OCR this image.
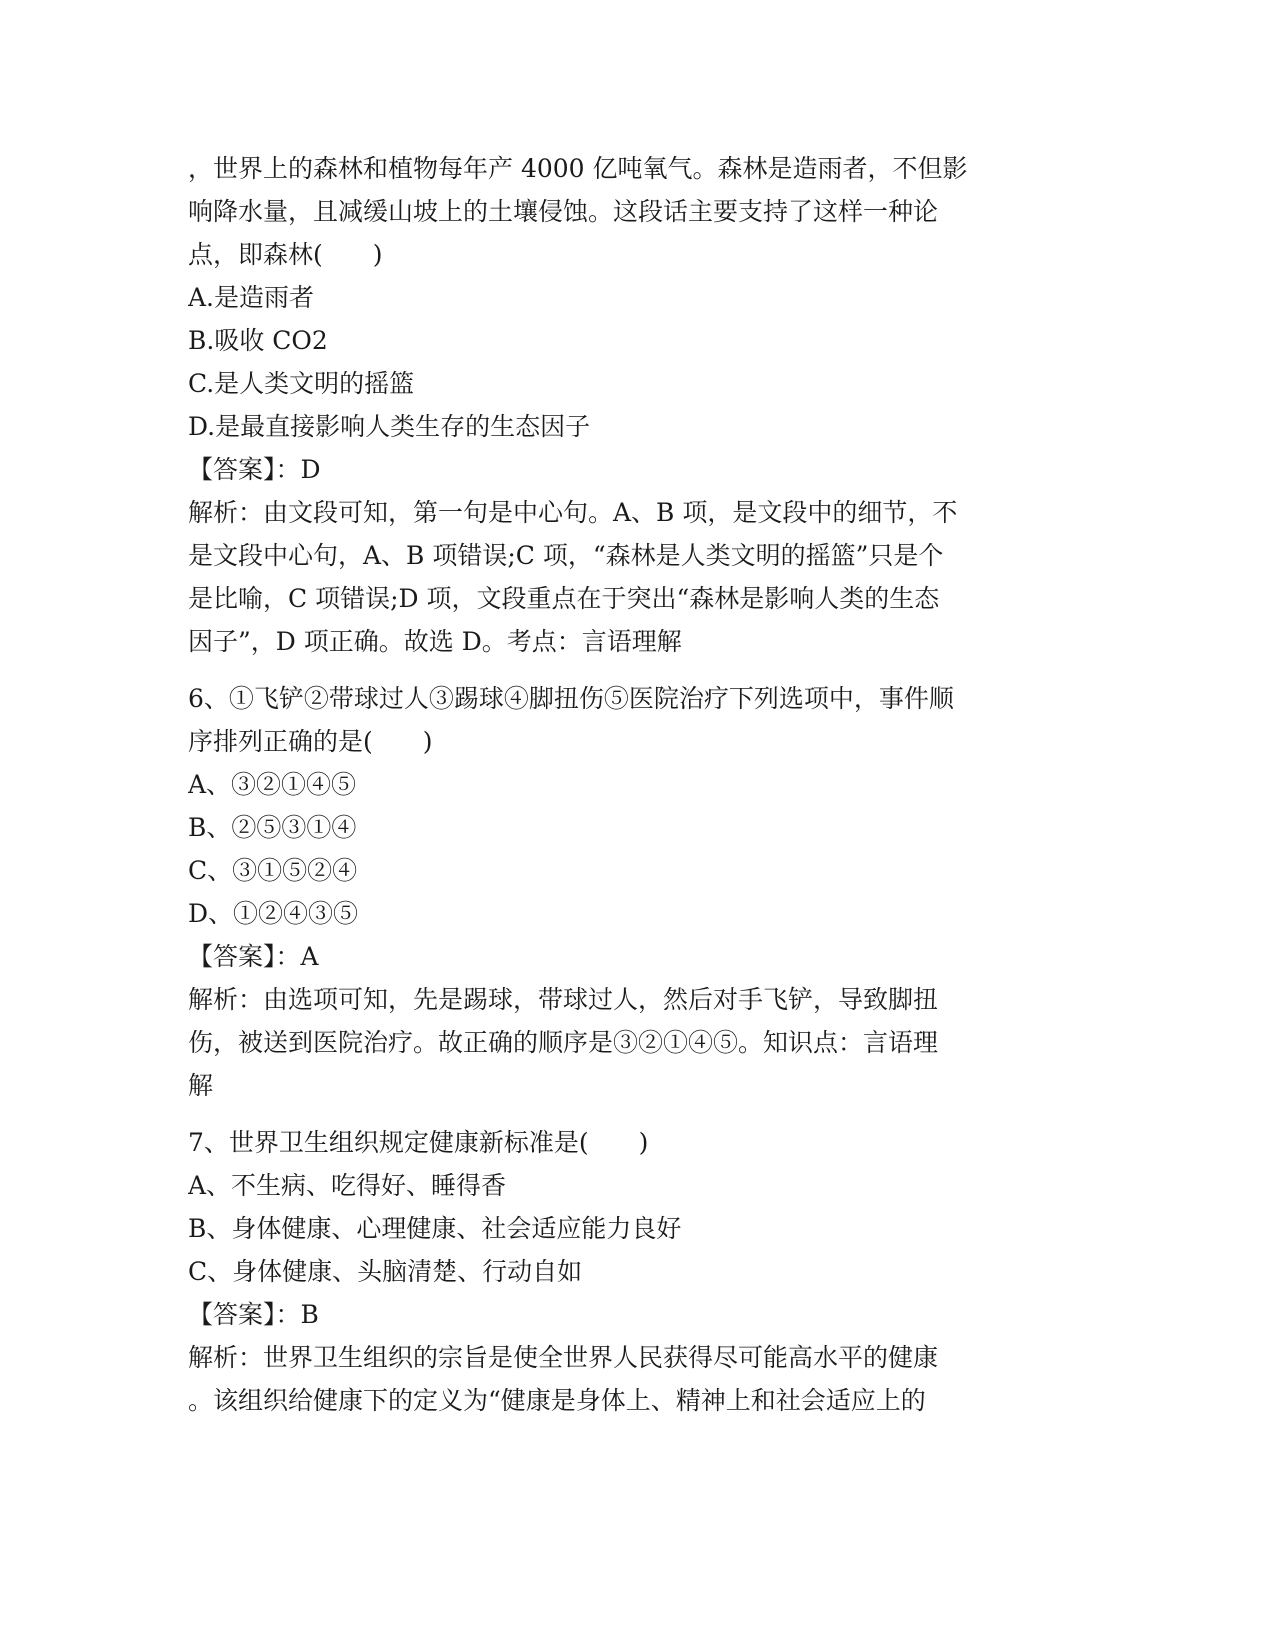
，世界上的森林和植物每年产 4000 亿吨氧气。森林是造雨者，不但影
响降水量，且减缓山坡上的土壤侵蚀。这段话主要支持了这样一种论
点，即森林(　　)
A.是造雨者
B.吸收 CO2
C.是人类文明的摇篮
D.是最直接影响人类生存的生态因子
【答案】：D
解析：由文段可知，第一句是中心句。A、B 项，是文段中的细节，不
是文段中心句，A、B 项错误;C 项，“森林是人类文明的摇篮”只是个
是比喻，C 项错误;D 项，文段重点在于突出“森林是影响人类的生态
因子”，D 项正确。故选 D。考点：言语理解
6、①飞铲②带球过人③踢球④脚扭伤⑤医院治疗下列选项中，事件顺
序排列正确的是(　　)
A、③②①④⑤
B、②⑤③①④
C、③①⑤②④
D、①②④③⑤
【答案】：A
解析：由选项可知，先是踢球，带球过人，然后对手飞铲，导致脚扭
伤，被送到医院治疗。故正确的顺序是③②①④⑤。知识点：言语理
解
7、世界卫生组织规定健康新标准是(　　)
A、不生病、吃得好、睡得香
B、身体健康、心理健康、社会适应能力良好
C、身体健康、头脑清楚、行动自如
【答案】：B
解析：世界卫生组织的宗旨是使全世界人民获得尽可能高水平的健康
。该组织给健康下的定义为“健康是身体上、精神上和社会适应上的
